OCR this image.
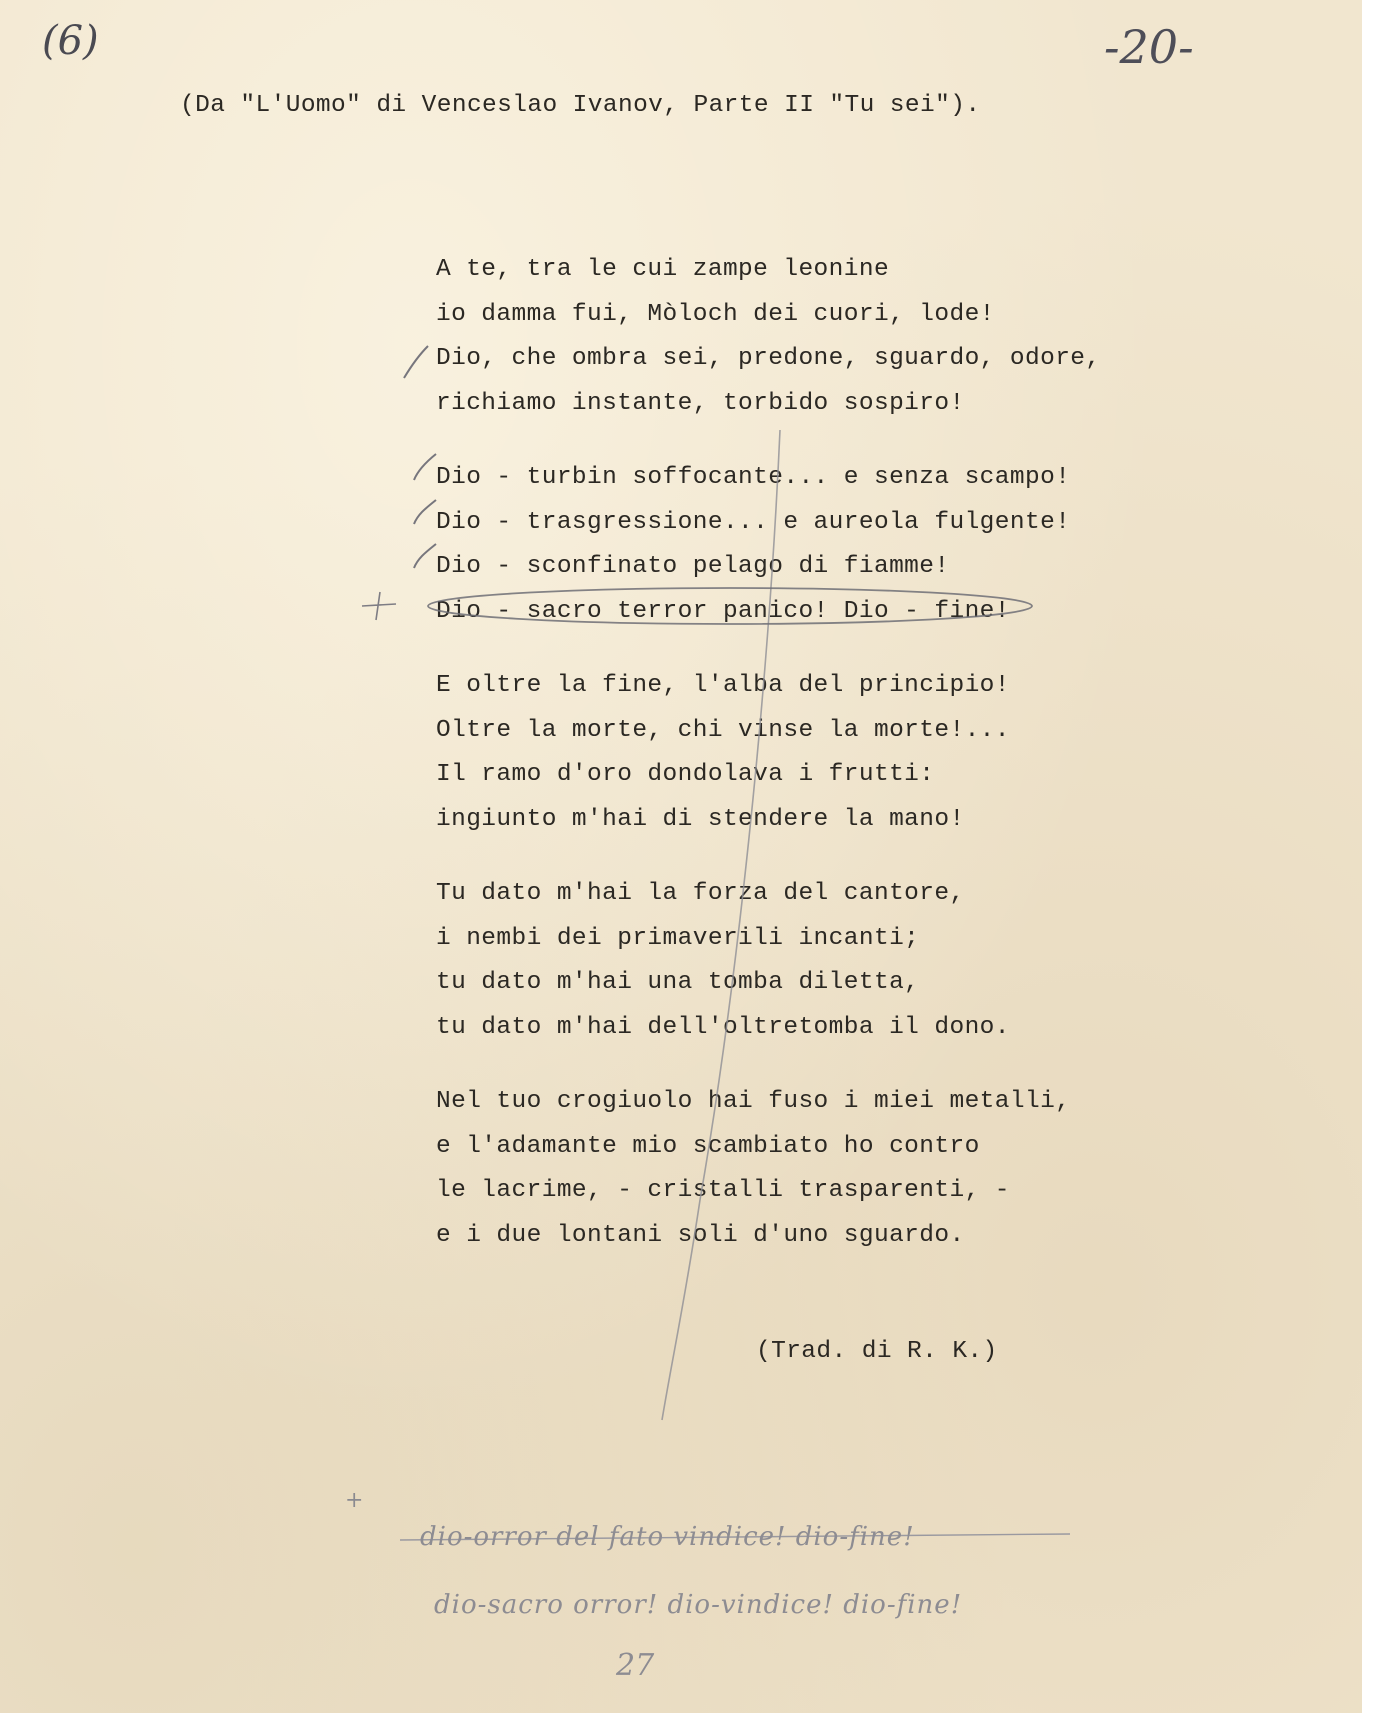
(6)	-20-
(Da "L'Uomo" di Venceslao Ivanov, Parte II "Tu sei").
A te, tra le cui zampe leonine
io damma fui, Mòloch dei cuori, lode!
Dio, che ombra sei, predone, sguardo, odore,
richiamo instante, torbido sospiro!
Dio - turbin soffocante... e senza scampo!
Dio - trasgressione... e aureola fulgente!
Dio - sconfinato pelago di fiamme!
Dio - sacro terror panico! Dio - fine!
E oltre la fine, l'alba del principio!
Oltre la morte, chi vinse la morte!...
Il ramo d'oro dondolava i frutti:
ingiunto m'hai di stendere la mano!
Tu dato m'hai la forza del cantore,
i nembi dei primaverili incanti;
tu dato m'hai una tomba diletta,
tu dato m'hai dell'oltretomba il dono.
Nel tuo crogiuolo hai fuso i miei metalli,
e l'adamante mio scambiato ho contro
le lacrime, - cristalli trasparenti, -
e i due lontani soli d'uno sguardo.
(Trad. di R. K.)
+
dio-orror del fato vindice! dio-fine!
dio-sacro orror! dio-vindice! dio-fine!
27
